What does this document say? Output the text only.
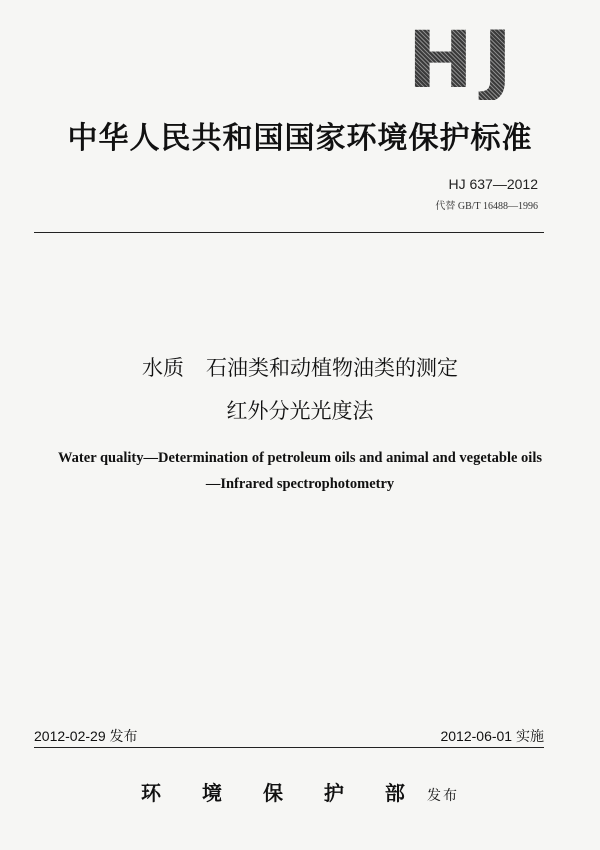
HJ
中华人民共和国国家环境保护标准
HJ 637—2012
代替 GB/T 16488—1996
水质 石油类和动植物油类的测定
红外分光光度法
Water quality—Determination of petroleum oils and animal and vegetable oils
—Infrared spectrophotometry
2012-02-29 发布	2012-06-01 实施
环 境 保 护 部 发布
